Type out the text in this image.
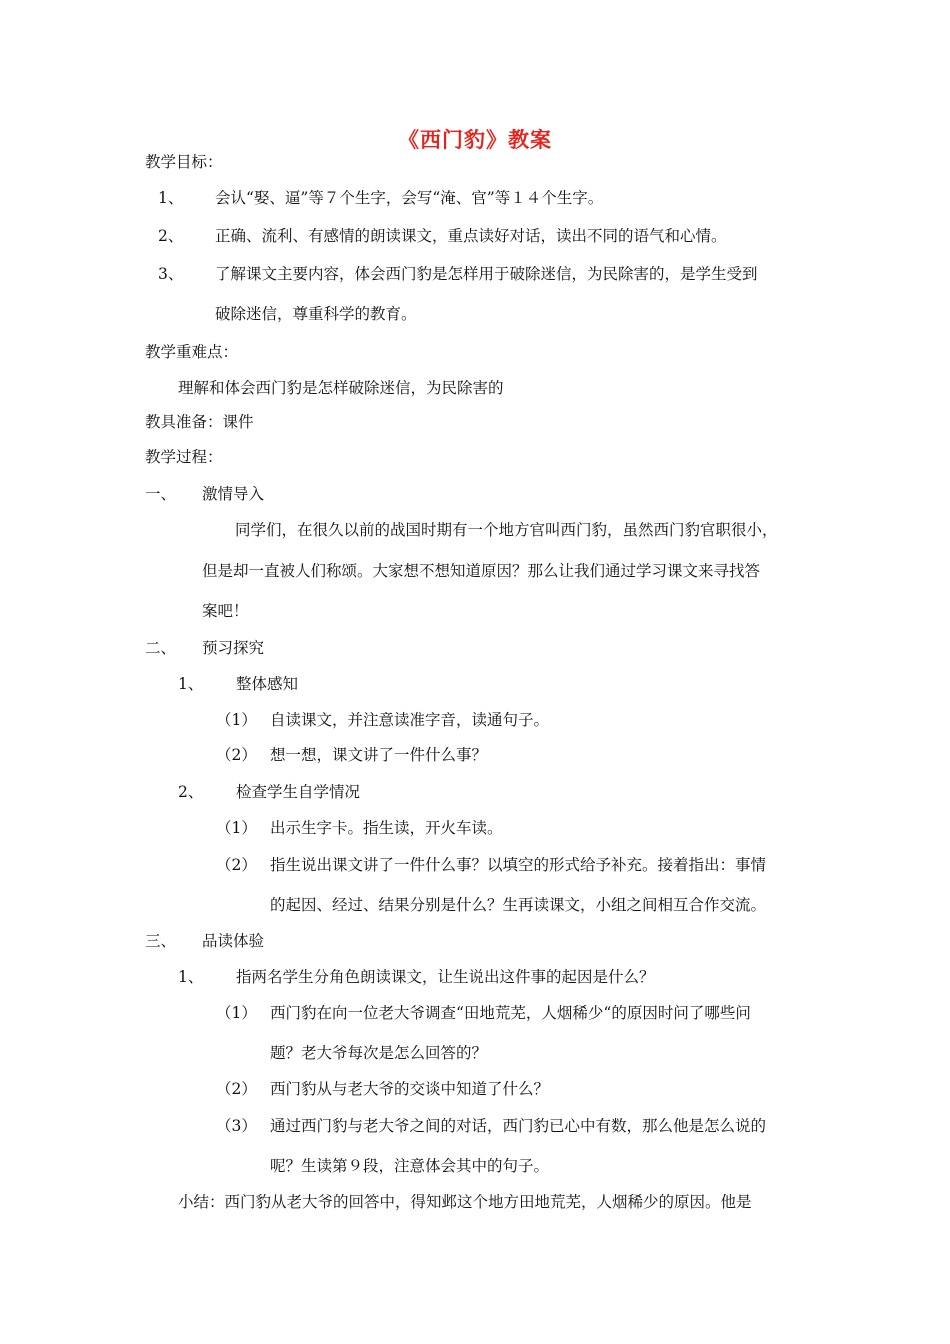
《西门豹》教案
教学目标：
1、 会认“娶、逼”等７个生字，会写“淹、官”等１４个生字。
2、 正确、流利、有感情的朗读课文，重点读好对话，读出不同的语气和心情。
3、 了解课文主要内容，体会西门豹是怎样用于破除迷信，为民除害的，是学生受到
破除迷信，尊重科学的教育。
教学重难点：
理解和体会西门豹是怎样破除迷信，为民除害的
教具准备：课件
教学过程：
一、 激情导入
同学们，在很久以前的战国时期有一个地方官叫西门豹，虽然西门豹官职很小，
但是却一直被人们称颂。大家想不想知道原因？那么让我们通过学习课文来寻找答
案吧！
二、 预习探究
1、 整体感知
（1） 自读课文，并注意读准字音，读通句子。
（2） 想一想，课文讲了一件什么事？
2、 检查学生自学情况
（1） 出示生字卡。指生读，开火车读。
（2） 指生说出课文讲了一件什么事？以填空的形式给予补充。接着指出：事情
的起因、经过、结果分别是什么？生再读课文，小组之间相互合作交流。
三、 品读体验
1、 指两名学生分角色朗读课文，让生说出这件事的起因是什么？
（1） 西门豹在向一位老大爷调查“田地荒芜，人烟稀少“的原因时问了哪些问
题？老大爷每次是怎么回答的？
（2） 西门豹从与老大爷的交谈中知道了什么？
（3） 通过西门豹与老大爷之间的对话，西门豹已心中有数，那么他是怎么说的
呢？生读第９段，注意体会其中的句子。
小结：西门豹从老大爷的回答中，得知邺这个地方田地荒芜，人烟稀少的原因。他是
